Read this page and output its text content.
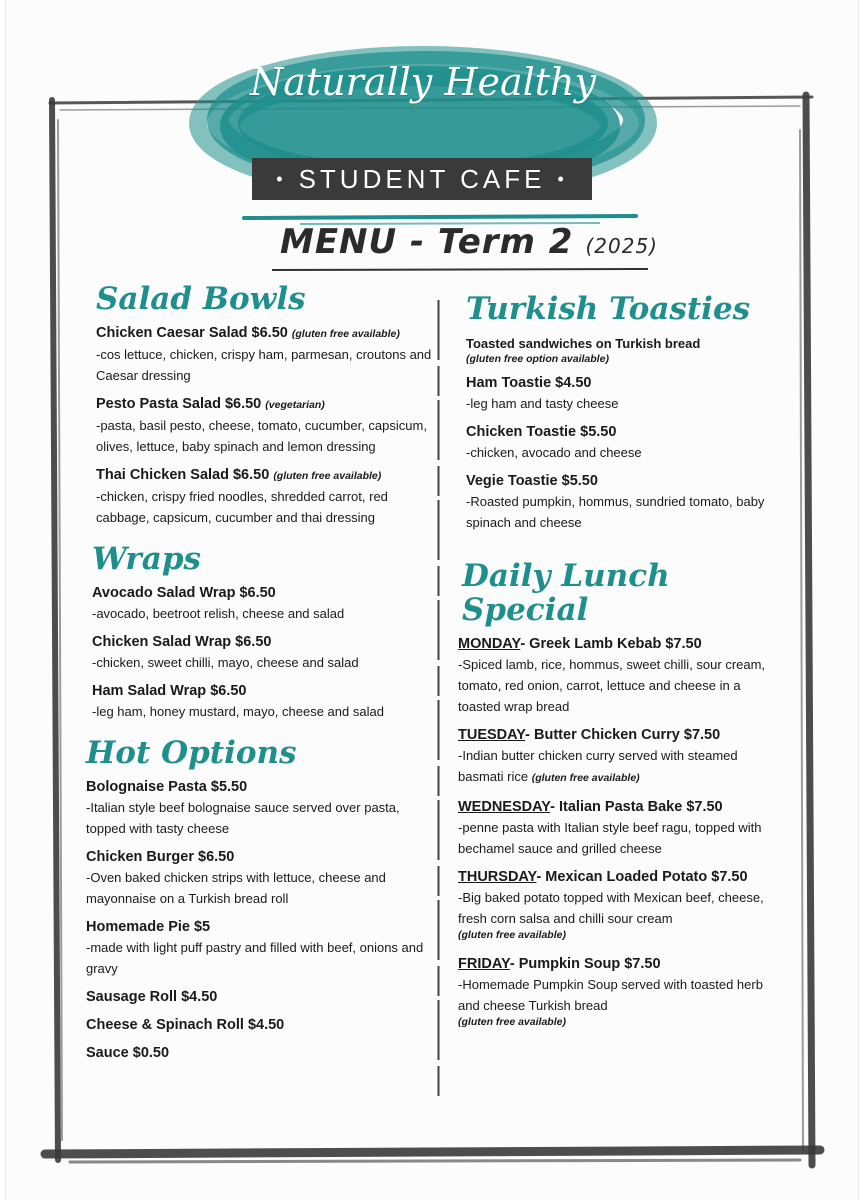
Naturally Healthy
• STUDENT CAFE •
MENU - Term 2 (2025)
Salad Bowls
Chicken Caesar Salad $6.50 (gluten free available)
-cos lettuce, chicken, crispy ham, parmesan, croutons and Caesar dressing
Pesto Pasta Salad $6.50 (vegetarian)
-pasta, basil pesto, cheese, tomato, cucumber, capsicum, olives, lettuce, baby spinach and lemon dressing
Thai Chicken Salad $6.50 (gluten free available)
-chicken, crispy fried noodles, shredded carrot, red cabbage, capsicum, cucumber and thai dressing
Wraps
Avocado Salad Wrap $6.50
-avocado, beetroot relish, cheese and salad
Chicken Salad Wrap $6.50
-chicken, sweet chilli, mayo, cheese and salad
Ham Salad Wrap $6.50
-leg ham, honey mustard, mayo, cheese and salad
Hot Options
Bolognaise Pasta $5.50
-Italian style beef bolognaise sauce served over pasta, topped with tasty cheese
Chicken Burger $6.50
-Oven baked chicken strips with lettuce, cheese and mayonnaise on a Turkish bread roll
Homemade Pie $5
-made with light puff pastry and filled with beef, onions and gravy
Sausage Roll $4.50
Cheese & Spinach Roll $4.50
Sauce $0.50
Turkish Toasties
Toasted sandwiches on Turkish bread
(gluten free option available)
Ham Toastie $4.50
-leg ham and tasty cheese
Chicken Toastie $5.50
-chicken, avocado and cheese
Vegie Toastie $5.50
-Roasted pumpkin, hommus, sundried tomato, baby spinach and cheese
Daily Lunch Special
MONDAY- Greek Lamb Kebab $7.50
-Spiced lamb, rice, hommus, sweet chilli, sour cream, tomato, red onion, carrot, lettuce and cheese in a toasted wrap bread
TUESDAY- Butter Chicken Curry $7.50
-Indian butter chicken curry served with steamed basmati rice (gluten free available)
WEDNESDAY- Italian Pasta Bake $7.50
-penne pasta with Italian style beef ragu, topped with bechamel sauce and grilled cheese
THURSDAY- Mexican Loaded Potato $7.50
-Big baked potato topped with Mexican beef, cheese, fresh corn salsa and chilli sour cream
(gluten free available)
FRIDAY- Pumpkin Soup $7.50
-Homemade Pumpkin Soup served with toasted herb and cheese Turkish bread
(gluten free available)
